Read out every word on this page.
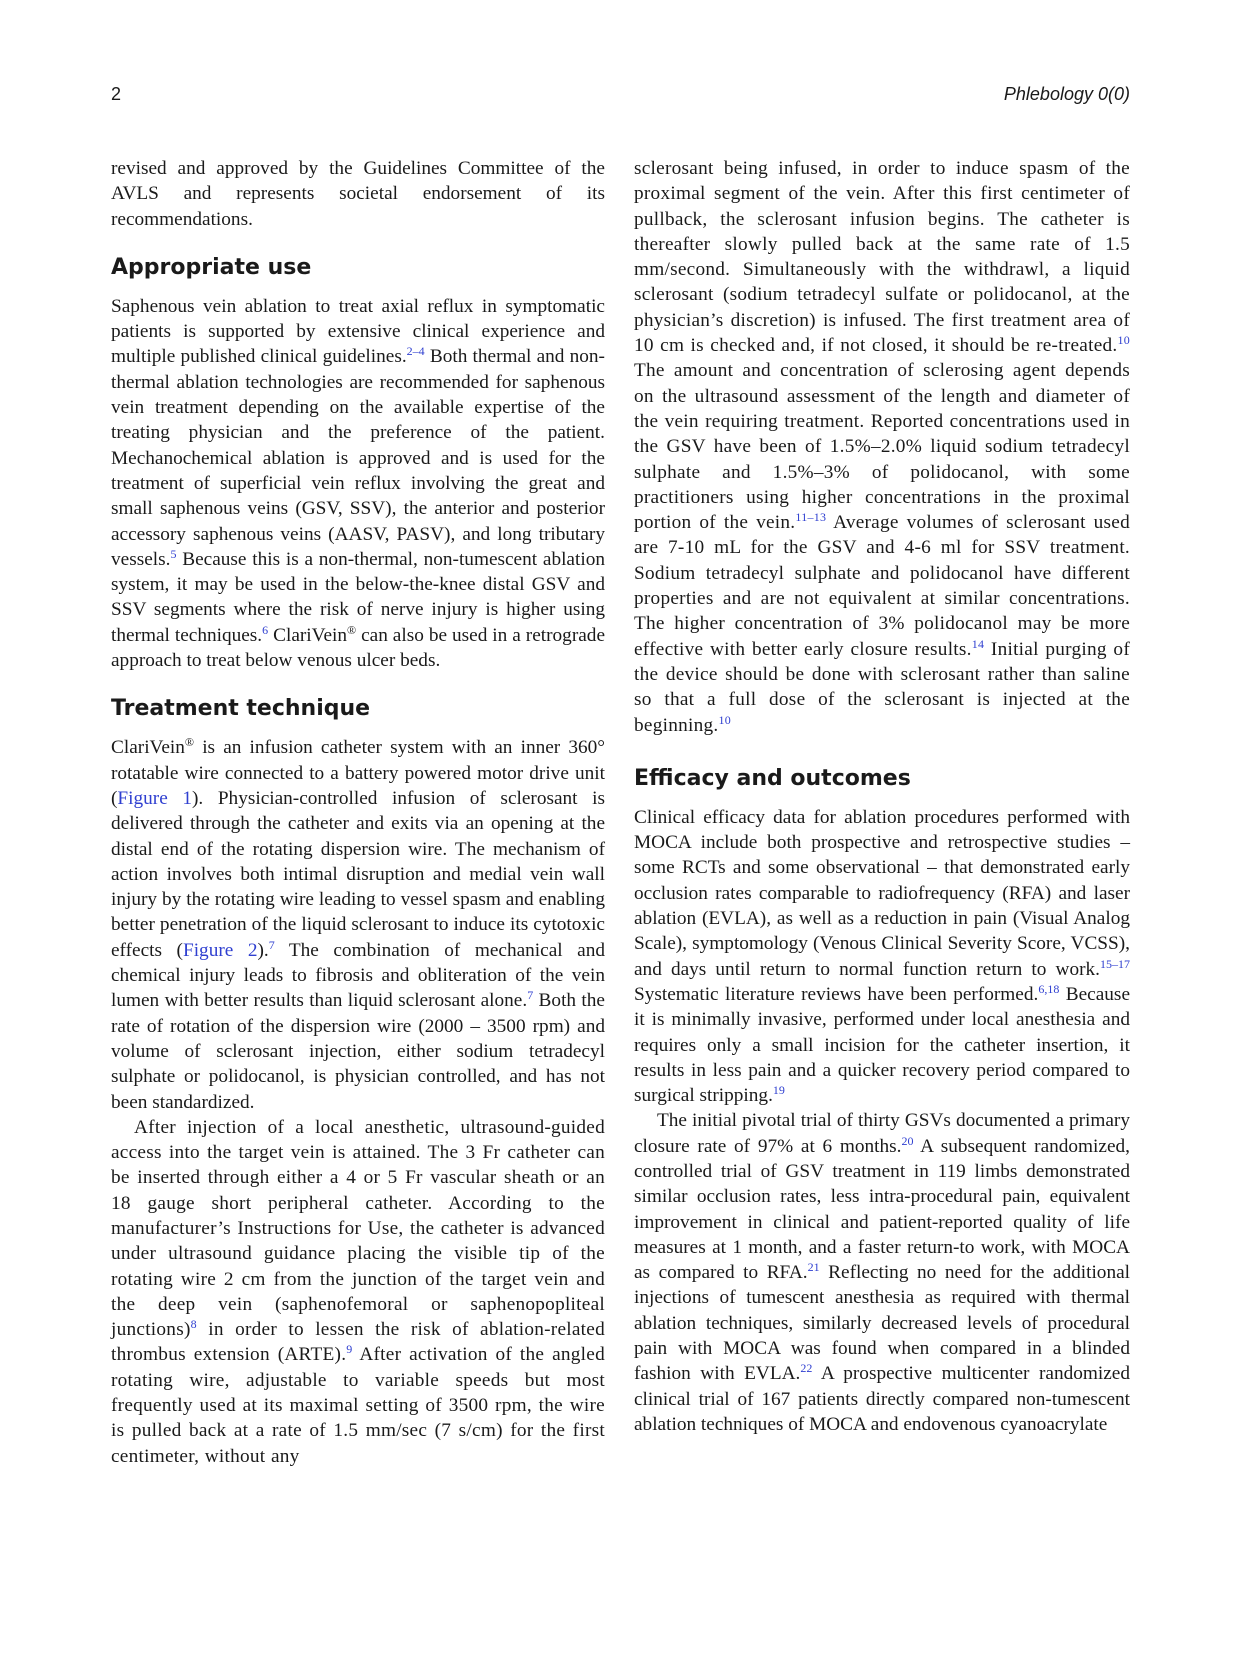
2	Phlebology 0(0)

revised and approved by the Guidelines Committee of the AVLS and represents societal endorsement of its recommendations.

Appropriate use

Saphenous vein ablation to treat axial reflux in symptomatic patients is supported by extensive clinical experience and multiple published clinical guidelines.$^{2-4}$ Both thermal and non-thermal ablation technologies are recommended for saphenous vein treatment depending on the available expertise of the treating physician and the preference of the patient. Mechanochemical ablation is approved and is used for the treatment of superficial vein reflux involving the great and small saphenous veins (GSV, SSV), the anterior and posterior accessory saphenous veins (AASV, PASV), and long tributary vessels.$^5$ Because this is a non-thermal, non-tumescent ablation system, it may be used in the below-the-knee distal GSV and SSV segments where the risk of nerve injury is higher using thermal techniques.$^6$ ClariVein® can also be used in a retrograde approach to treat below venous ulcer beds.

Treatment technique

ClariVein® is an infusion catheter system with an inner 360° rotatable wire connected to a battery powered motor drive unit (Figure 1). Physician-controlled infusion of sclerosant is delivered through the catheter and exits via an opening at the distal end of the rotating dispersion wire. The mechanism of action involves both intimal disruption and medial vein wall injury by the rotating wire leading to vessel spasm and enabling better penetration of the liquid sclerosant to induce its cytotoxic effects (Figure 2).$^7$ The combination of mechanical and chemical injury leads to fibrosis and obliteration of the vein lumen with better results than liquid sclerosant alone.$^7$ Both the rate of rotation of the dispersion wire (2000 – 3500 rpm) and volume of sclerosant injection, either sodium tetradecyl sulphate or polidocanol, is physician controlled, and has not been standardized.

After injection of a local anesthetic, ultrasound-guided access into the target vein is attained. The 3 Fr catheter can be inserted through either a 4 or 5 Fr vascular sheath or an 18 gauge short peripheral catheter. According to the manufacturer’s Instructions for Use, the catheter is advanced under ultrasound guidance placing the visible tip of the rotating wire 2 cm from the junction of the target vein and the deep vein (saphenofemoral or saphenopopliteal junctions)$^8$ in order to lessen the risk of ablation-related thrombus extension (ARTE).$^9$ After activation of the angled rotating wire, adjustable to variable speeds but most frequently used at its maximal setting of 3500 rpm, the wire is pulled back at a rate of 1.5 mm/sec (7 s/cm) for the first centimeter, without any

sclerosant being infused, in order to induce spasm of the proximal segment of the vein. After this first centimeter of pullback, the sclerosant infusion begins. The catheter is thereafter slowly pulled back at the same rate of 1.5 mm/second. Simultaneously with the withdrawl, a liquid sclerosant (sodium tetradecyl sulfate or polidocanol, at the physician’s discretion) is infused. The first treatment area of 10 cm is checked and, if not closed, it should be re-treated.$^{10}$ The amount and concentration of sclerosing agent depends on the ultrasound assessment of the length and diameter of the vein requiring treatment. Reported concentrations used in the GSV have been of 1.5%–2.0% liquid sodium tetradecyl sulphate and 1.5%–3% of polidocanol, with some practitioners using higher concentrations in the proximal portion of the vein.$^{11-13}$ Average volumes of sclerosant used are 7-10 mL for the GSV and 4-6 ml for SSV treatment. Sodium tetradecyl sulphate and polidocanol have different properties and are not equivalent at similar concentrations. The higher concentration of 3% polidocanol may be more effective with better early closure results.$^{14}$ Initial purging of the device should be done with sclerosant rather than saline so that a full dose of the sclerosant is injected at the beginning.$^{10}$

Efficacy and outcomes

Clinical efficacy data for ablation procedures performed with MOCA include both prospective and retrospective studies – some RCTs and some observational – that demonstrated early occlusion rates comparable to radiofrequency (RFA) and laser ablation (EVLA), as well as a reduction in pain (Visual Analog Scale), symptomology (Venous Clinical Severity Score, VCSS), and days until return to normal function return to work.$^{15-17}$ Systematic literature reviews have been performed.$^{6,18}$ Because it is minimally invasive, performed under local anesthesia and requires only a small incision for the catheter insertion, it results in less pain and a quicker recovery period compared to surgical stripping.$^{19}$

The initial pivotal trial of thirty GSVs documented a primary closure rate of 97% at 6 months.$^{20}$ A subsequent randomized, controlled trial of GSV treatment in 119 limbs demonstrated similar occlusion rates, less intra-procedural pain, equivalent improvement in clinical and patient-reported quality of life measures at 1 month, and a faster return-to work, with MOCA as compared to RFA.$^{21}$ Reflecting no need for the additional injections of tumescent anesthesia as required with thermal ablation techniques, similarly decreased levels of procedural pain with MOCA was found when compared in a blinded fashion with EVLA.$^{22}$ A prospective multicenter randomized clinical trial of 167 patients directly compared non-tumescent ablation techniques of MOCA and endovenous cyanoacrylate
